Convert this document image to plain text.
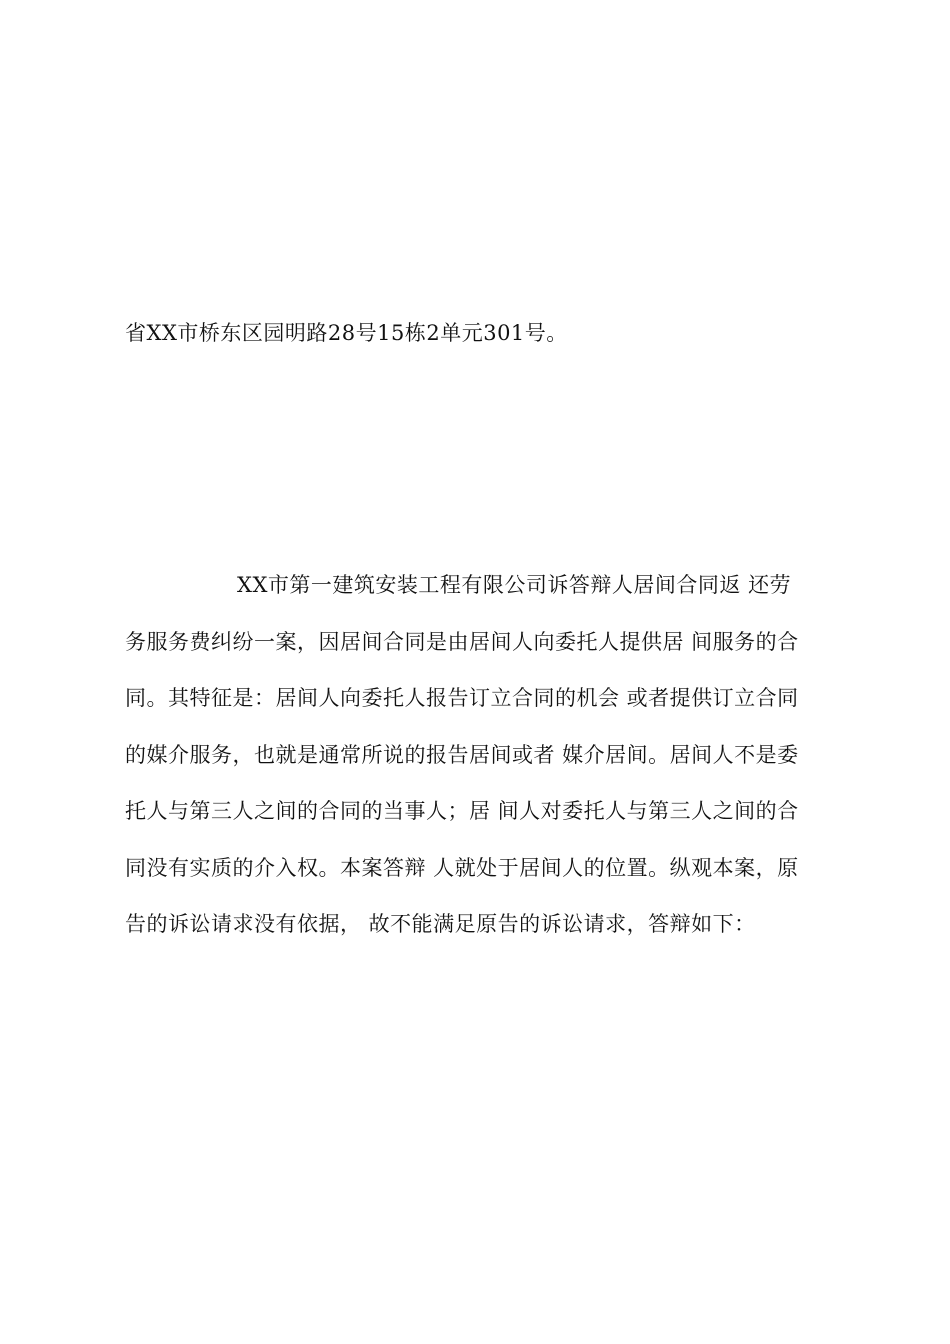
省XX市桥东区园明路28号15栋2单元301号。
XX市第一建筑安装工程有限公司诉答辩人居间合同返 还劳
务服务费纠纷一案，因居间合同是由居间人向委托人提供居 间服务的合
同。其特征是：居间人向委托人报告订立合同的机会 或者提供订立合同
的媒介服务，也就是通常所说的报告居间或者 媒介居间。居间人不是委
托人与第三人之间的合同的当事人；居 间人对委托人与第三人之间的合
同没有实质的介入权。本案答辩 人就处于居间人的位置。纵观本案，原
告的诉讼请求没有依据， 故不能满足原告的诉讼请求，答辩如下：
